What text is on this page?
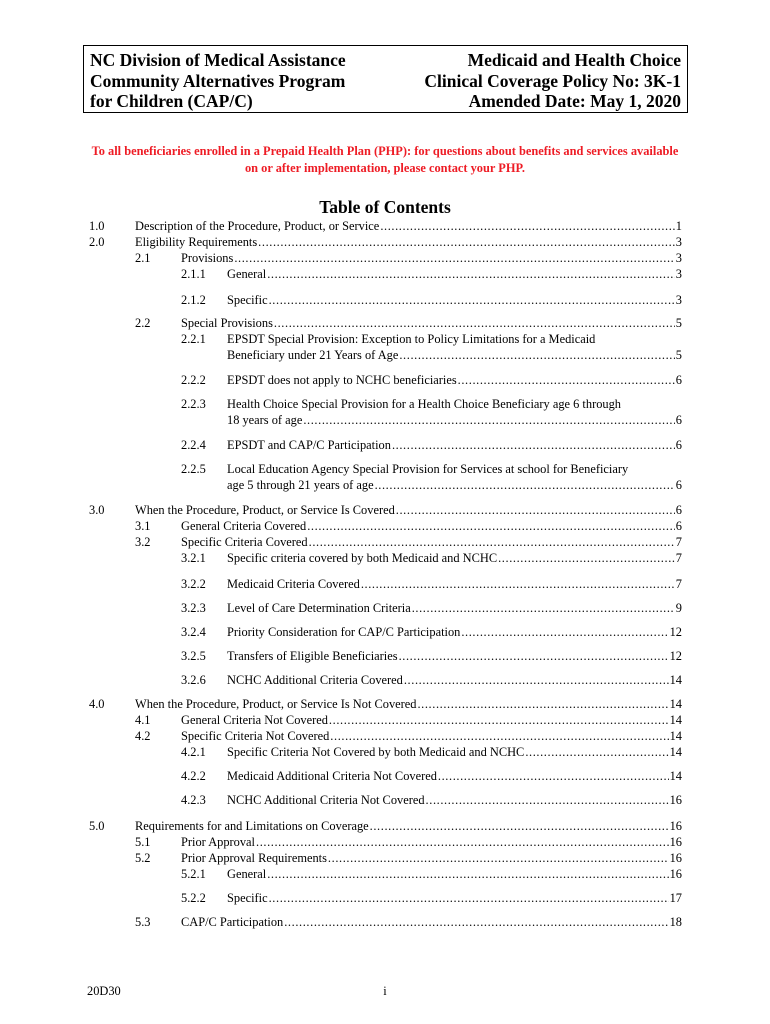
NC Division of Medical Assistance
Community Alternatives Program
for Children (CAP/C)
Medicaid and Health Choice
Clinical Coverage Policy No: 3K-1
Amended Date: May 1, 2020
To all beneficiaries enrolled in a Prepaid Health Plan (PHP): for questions about benefits and services available on or after implementation, please contact your PHP.
Table of Contents
1.0 Description of the Procedure, Product, or Service .....	1
2.0 Eligibility Requirements .....	3
2.1 Provisions .....	3
2.1.1 General .....	3
2.1.2 Specific .....	3
2.2 Special Provisions .....	5
2.2.1 EPSDT Special Provision: Exception to Policy Limitations for a Medicaid
Beneficiary under 21 Years of Age .....	5
2.2.2 EPSDT does not apply to NCHC beneficiaries .....	6
2.2.3 Health Choice Special Provision for a Health Choice Beneficiary age 6 through
18 years of age .....	6
2.2.4 EPSDT and CAP/C Participation .....	6
2.2.5 Local Education Agency Special Provision for Services at school for Beneficiary
age 5 through 21 years of age .....	6
3.0 When the Procedure, Product, or Service Is Covered .....	6
3.1 General Criteria Covered .....	6
3.2 Specific Criteria Covered .....	7
3.2.1 Specific criteria covered by both Medicaid and NCHC .....	7
3.2.2 Medicaid Criteria Covered .....	7
3.2.3 Level of Care Determination Criteria .....	9
3.2.4 Priority Consideration for CAP/C Participation .....	12
3.2.5 Transfers of Eligible Beneficiaries .....	12
3.2.6 NCHC Additional Criteria Covered .....	14
4.0 When the Procedure, Product, or Service Is Not Covered .....	14
4.1 General Criteria Not Covered .....	14
4.2 Specific Criteria Not Covered .....	14
4.2.1 Specific Criteria Not Covered by both Medicaid and NCHC .....	14
4.2.2 Medicaid Additional Criteria Not Covered .....	14
4.2.3 NCHC Additional Criteria Not Covered .....	16
5.0 Requirements for and Limitations on Coverage .....	16
5.1 Prior Approval .....	16
5.2 Prior Approval Requirements .....	16
5.2.1 General .....	16
5.2.2 Specific .....	17
5.3 CAP/C Participation .....	18
20D30	i
